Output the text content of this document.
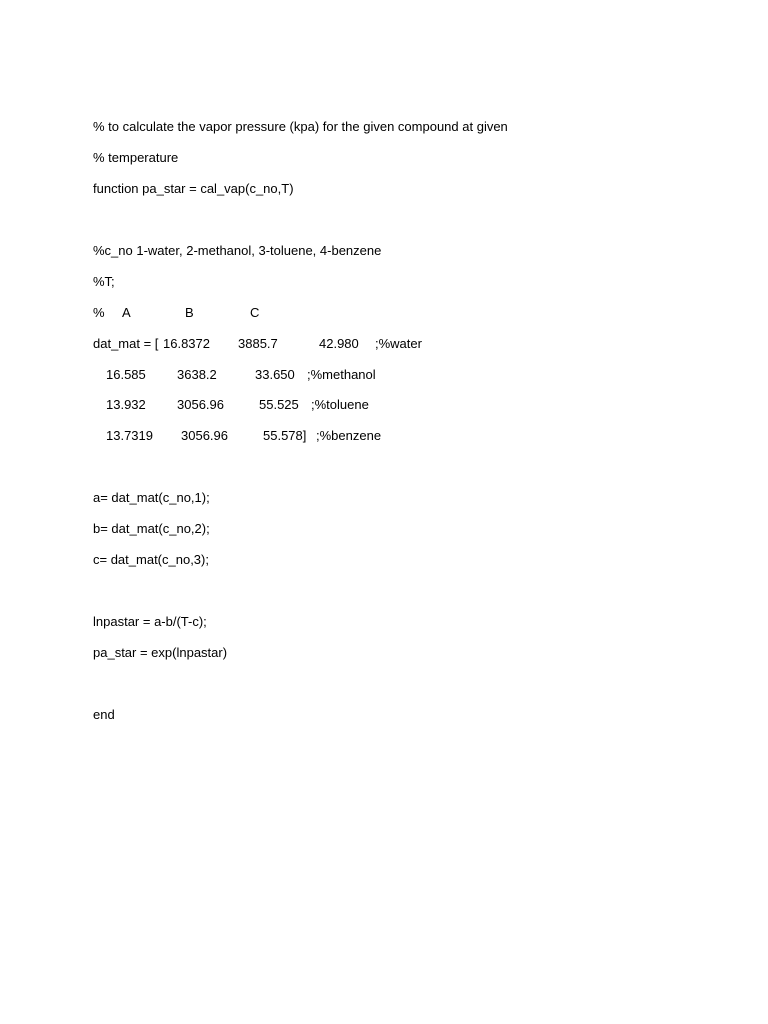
% to calculate the vapor pressure (kpa) for the given compound at given
% temperature
function pa_star = cal_vap(c_no,T)
%c_no 1-water, 2-methanol, 3-toluene, 4-benzene
%T;
% A	B	C
dat_mat = [ 16.8372 3885.7	42.980 ;%water
16.585 3638.2	33.650 ;%methanol
13.932 3056.96	55.525 ;%toluene
13.7319 3056.96	55.578] ;%benzene
a= dat_mat(c_no,1);
b= dat_mat(c_no,2);
c= dat_mat(c_no,3);
lnpastar = a-b/(T-c);
pa_star = exp(lnpastar)
end
